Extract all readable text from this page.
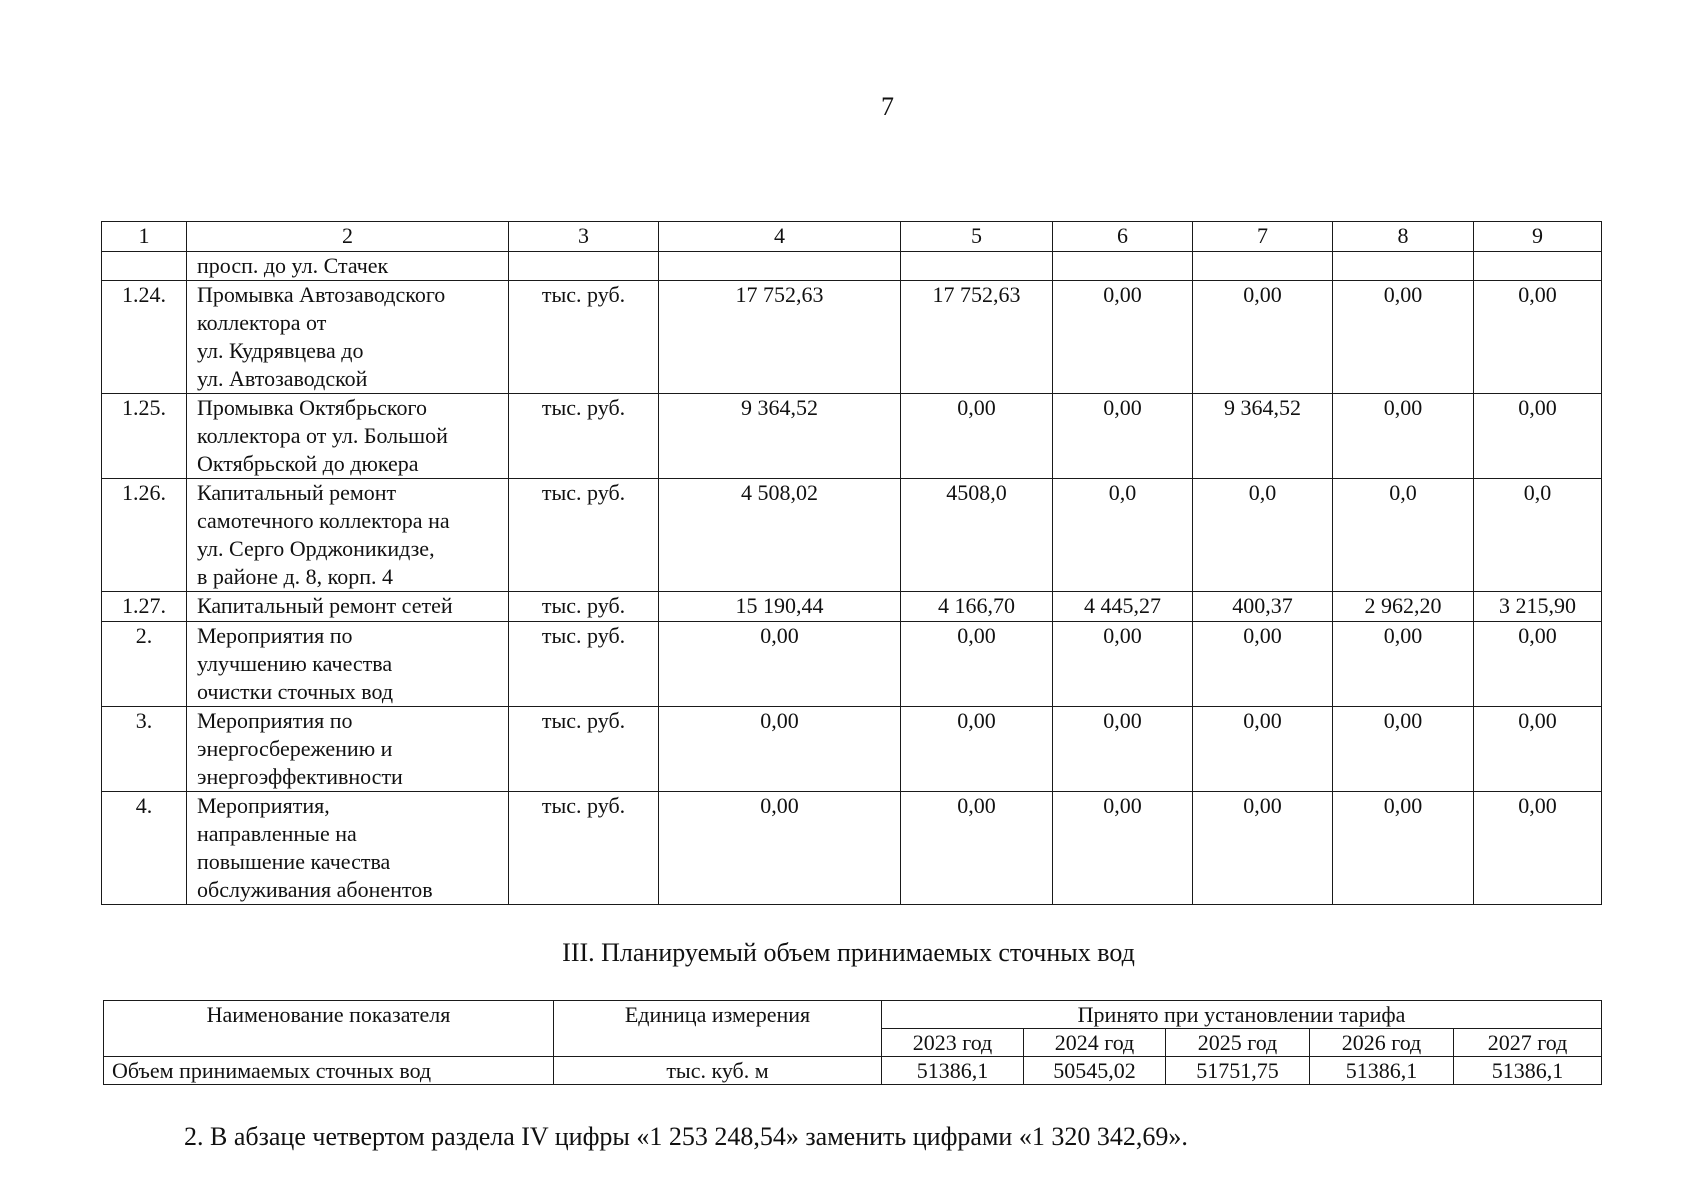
7
1	2	3	4	5	6	7	8	9
	просп. до ул. Стачек							
1.24.	Промывка Автозаводского
коллектора от
ул. Кудрявцева до
ул. Автозаводской	тыс. руб.	17 752,63	17 752,63	0,00	0,00	0,00	0,00
1.25.	Промывка Октябрьского
коллектора от ул. Большой
Октябрьской до дюкера	тыс. руб.	9 364,52	0,00	0,00	9 364,52	0,00	0,00
1.26.	Капитальный ремонт
самотечного коллектора на
ул. Серго Орджоникидзе,
в районе д. 8, корп. 4	тыс. руб.	4 508,02	4508,0	0,0	0,0	0,0	0,0
1.27.	Капитальный ремонт сетей	тыс. руб.	15 190,44	4 166,70	4 445,27	400,37	2 962,20	3 215,90
2.	Мероприятия по
улучшению качества
очистки сточных вод	тыс. руб.	0,00	0,00	0,00	0,00	0,00	0,00
3.	Мероприятия по
энергосбережению и
энергоэффективности	тыс. руб.	0,00	0,00	0,00	0,00	0,00	0,00
4.	Мероприятия,
направленные на
повышение качества
обслуживания абонентов	тыс. руб.	0,00	0,00	0,00	0,00	0,00	0,00
III. Планируемый объем принимаемых сточных вод
Наименование показателя	Единица измерения	Принято при установлении тарифа				
		2023 год	2024 год	2025 год	2026 год	2027 год
Объем принимаемых сточных вод	тыс. куб. м	51386,1	50545,02	51751,75	51386,1	51386,1
2. В абзаце четвертом раздела IV цифры «1 253 248,54» заменить цифрами «1 320 342,69».
